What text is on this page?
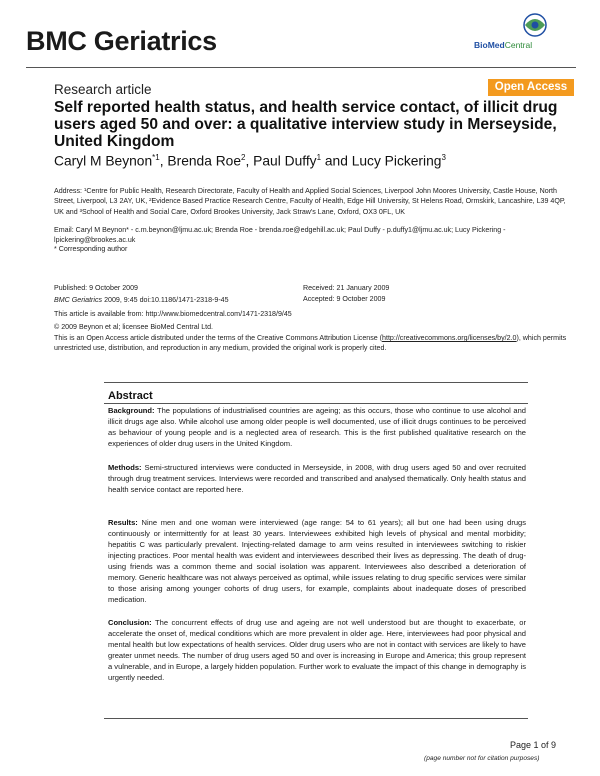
BMC Geriatrics	BioMedCentral
Research article	Open Access
Self reported health status, and health service contact, of illicit drug users aged 50 and over: a qualitative interview study in Merseyside, United Kingdom
Caryl M Beynon$^{*1}$, Brenda Roe$^2$, Paul Duffy$^1$ and Lucy Pickering$^3$
Address: ¹Centre for Public Health, Research Directorate, Faculty of Health and Applied Social Sciences, Liverpool John Moores University, Castle House, North Street, Liverpool, L3 2AY, UK, ²Evidence Based Practice Research Centre, Faculty of Health, Edge Hill University, St Helens Road, Ormskirk, Lancashire, L39 4QP, UK and ³School of Health and Social Care, Oxford Brookes University, Jack Straw's Lane, Oxford, OX3 0FL, UK
Email: Caryl M Beynon* - c.m.beynon@ljmu.ac.uk; Brenda Roe - brenda.roe@edgehill.ac.uk; Paul Duffy - p.duffy1@ljmu.ac.uk; Lucy Pickering - lpickering@brookes.ac.uk
* Corresponding author
Published: 9 October 2009	Received: 21 January 2009
BMC Geriatrics 2009, 9:45 doi:10.1186/1471-2318-9-45	Accepted: 9 October 2009
This article is available from: http://www.biomedcentral.com/1471-2318/9/45
© 2009 Beynon et al; licensee BioMed Central Ltd.
This is an Open Access article distributed under the terms of the Creative Commons Attribution License (http://creativecommons.org/licenses/by/2.0), which permits unrestricted use, distribution, and reproduction in any medium, provided the original work is properly cited.
Abstract
Background: The populations of industrialised countries are ageing; as this occurs, those who continue to use alcohol and illicit drugs age also. While alcohol use among older people is well documented, use of illicit drugs continues to be perceived as behaviour of young people and is a neglected area of research. This is the first published qualitative research on the experiences of older drug users in the United Kingdom.
Methods: Semi-structured interviews were conducted in Merseyside, in 2008, with drug users aged 50 and over recruited through drug treatment services. Interviews were recorded and transcribed and analysed thematically. Only health status and health service contact are reported here.
Results: Nine men and one woman were interviewed (age range: 54 to 61 years); all but one had been using drugs continuously or intermittently for at least 30 years. Interviewees exhibited high levels of physical and mental morbidity; hepatitis C was particularly prevalent. Injecting-related damage to arm veins resulted in interviewees switching to riskier injecting practices. Poor mental health was evident and interviewees described their lives as depressing. The death of drug-using friends was a common theme and social isolation was apparent. Interviewees also described a deterioration of memory. Generic healthcare was not always perceived as optimal, while issues relating to drug specific services were similar to those arising among younger cohorts of drug users, for example, complaints about inadequate doses of prescribed medication.
Conclusion: The concurrent effects of drug use and ageing are not well understood but are thought to exacerbate, or accelerate the onset of, medical conditions which are more prevalent in older age. Here, interviewees had poor physical and mental health but low expectations of health services. Older drug users who are not in contact with services are likely to have greater unmet needs. The number of drug users aged 50 and over is increasing in Europe and America; this group represent a vulnerable, and in Europe, a largely hidden population. Further work to evaluate the impact of this change in demography is urgently needed.
Page 1 of 9
(page number not for citation purposes)
